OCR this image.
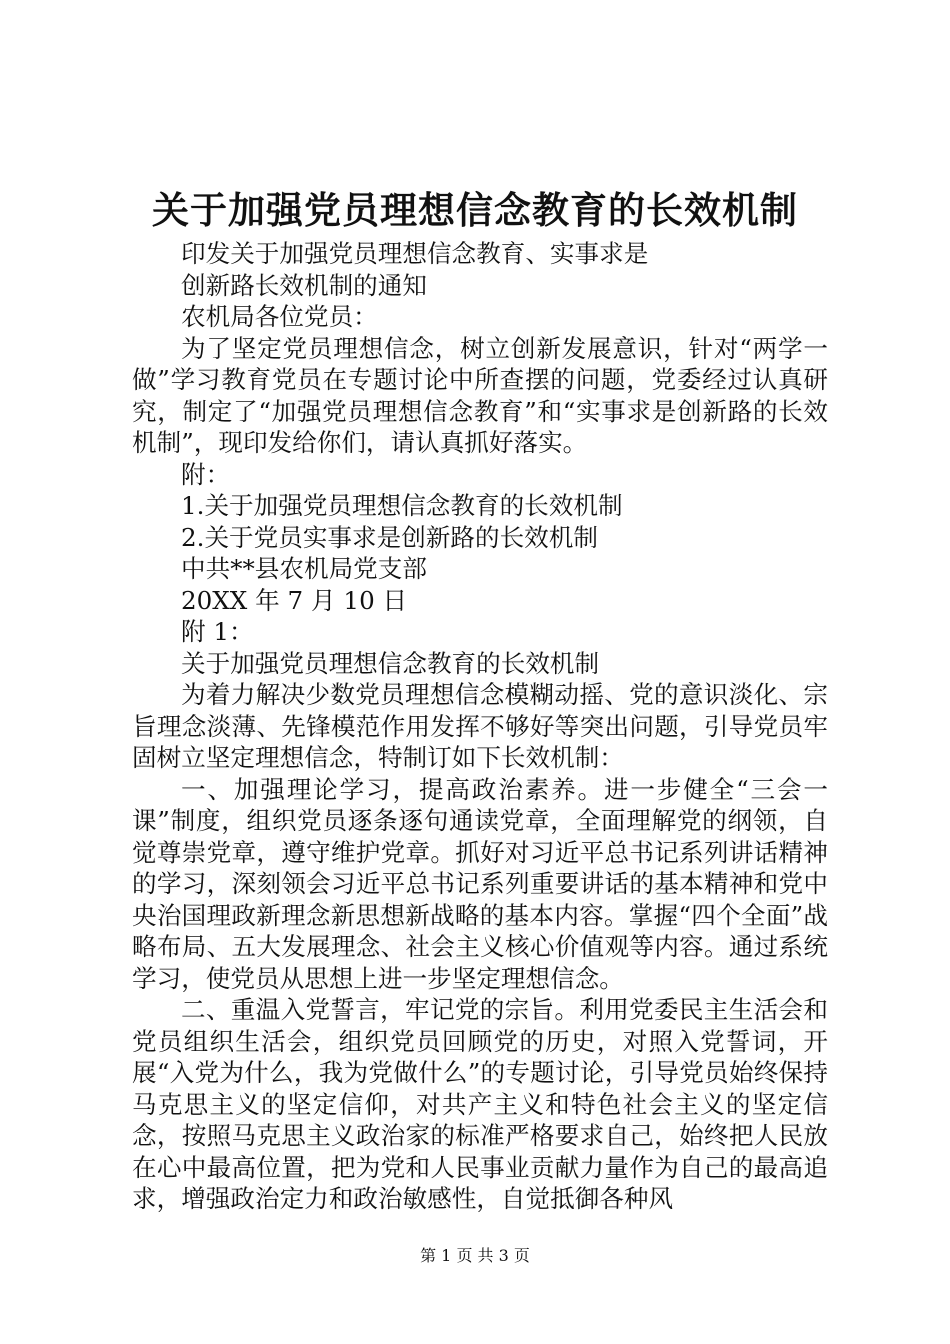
关于加强党员理想信念教育的长效机制

印发关于加强党员理想信念教育、实事求是

创新路长效机制的通知

农机局各位党员：

为了坚定党员理想信念，树立创新发展意识，针对“两学一做”学习教育党员在专题讨论中所查摆的问题，党委经过认真研究，制定了“加强党员理想信念教育”和“实事求是创新路的长效机制”，现印发给你们，请认真抓好落实。

附：

1.关于加强党员理想信念教育的长效机制

2.关于党员实事求是创新路的长效机制

中共**县农机局党支部

20XX 年 7 月 10 日

附 1：

关于加强党员理想信念教育的长效机制

为着力解决少数党员理想信念模糊动摇、党的意识淡化、宗旨理念淡薄、先锋模范作用发挥不够好等突出问题，引导党员牢固树立坚定理想信念，特制订如下长效机制：

一、加强理论学习，提高政治素养。进一步健全“三会一课”制度，组织党员逐条逐句通读党章，全面理解党的纲领，自觉尊崇党章，遵守维护党章。抓好对习近平总书记系列讲话精神的学习，深刻领会习近平总书记系列重要讲话的基本精神和党中央治国理政新理念新思想新战略的基本内容。掌握“四个全面”战略布局、五大发展理念、社会主义核心价值观等内容。通过系统学习，使党员从思想上进一步坚定理想信念。

二、重温入党誓言，牢记党的宗旨。利用党委民主生活会和党员组织生活会，组织党员回顾党的历史，对照入党誓词，开展“入党为什么，我为党做什么”的专题讨论，引导党员始终保持马克思主义的坚定信仰，对共产主义和特色社会主义的坚定信念，按照马克思主义政治家的标准严格要求自己，始终把人民放在心中最高位置，把为党和人民事业贡献力量作为自己的最高追求，增强政治定力和政治敏感性，自觉抵御各种风

第 1 页 共 3 页
